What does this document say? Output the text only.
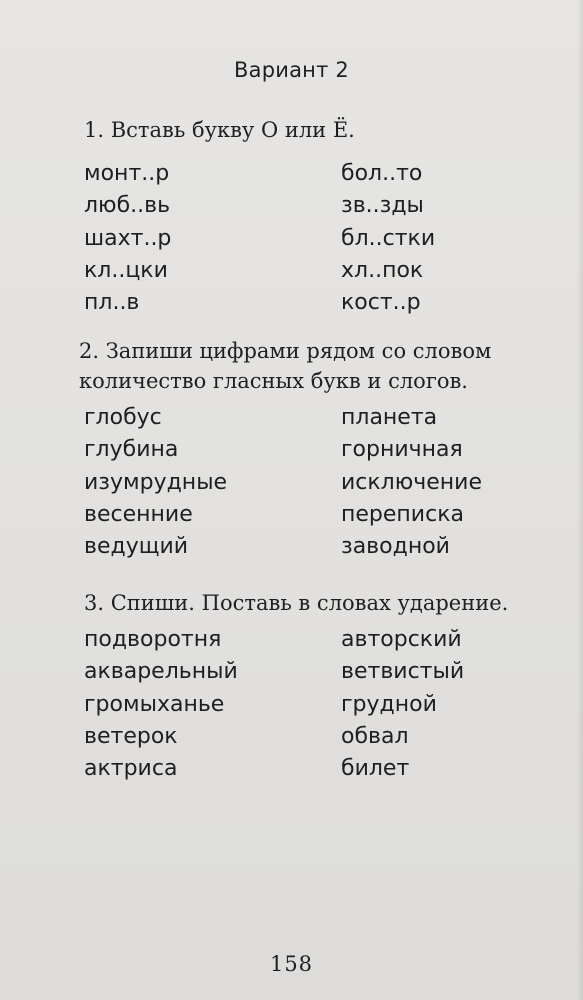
Вариант 2
1. Вставь букву О или Ё.
монт..р
люб..вь
шахт..р
кл..цки
пл..в
бол..то
зв..зды
бл..стки
хл..пок
кост..р
2. Запиши цифрами рядом со словом
количество гласных букв и слогов.
глобус
глубина
изумрудные
весенние
ведущий
планета
горничная
исключение
переписка
заводной
3. Спиши. Поставь в словах ударение.
подворотня
акварельный
громыханье
ветерок
актриса
авторский
ветвистый
грудной
обвал
билет
158
